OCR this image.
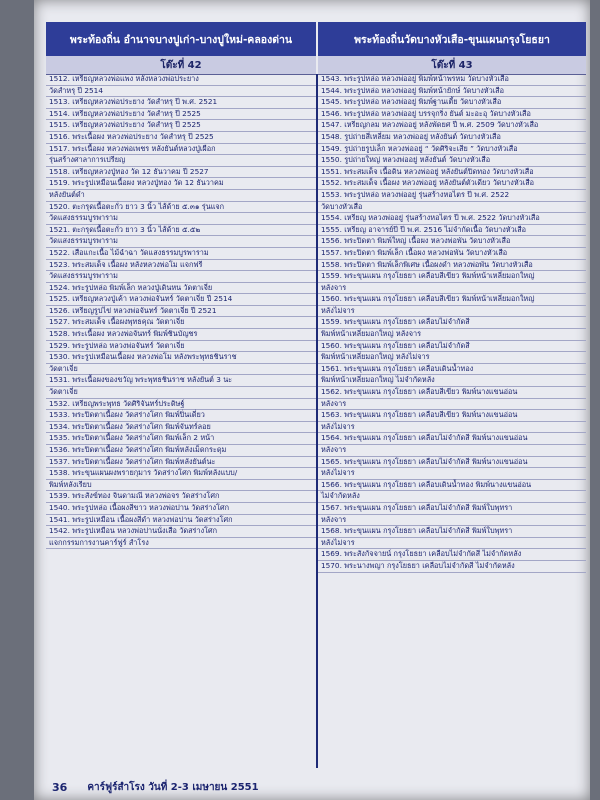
พระท้องถิ่น อำนาจบางปูเก่า-บางปูใหม่-คลองด่าน	พระท้องถิ่นวัดบางหัวเสือ-ขุนแผนกรุงโยธยา
โต๊ะที่ 42	โต๊ะที่ 43
1512. เหรียญหลวงพ่อแพง หลังหลวงพ่อประยาง
วัดสำหรุ ปี 2514
1513. เหรียญหลวงพ่อประยาง วัดสำหรุ ปี พ.ศ. 2521
1514. เหรียญหลวงพ่อประยาง วัดสำหรุ ปี 2525
1515. เหรียญหลวงพ่อประยาง วัดสำหรุ ปี 2525
1516. พระเนื้อผง หลวงพ่อประยาง วัดสำหรุ ปี 2525
1517. พระเนื้อผง หลวงพ่อเพชร หลังยันต์หลวงปู่เผือก
รุ่นสร้างศาลาการเปรียญ
1518. เหรียญหลวงปู่ทอง วัด 12 ธันวาคม ปี 2527
1519. พระรูปเหมือนเนื้อผง หลวงปู่ทอง วัด 12 ธันวาคม
หลังยันต์ดำ
1520. ตะกรุดเนื้อตะกั่ว ยาว 3 นิ้ว ไส้ด้าย ๕.๓๑ รุ่นแจก
วัดแสงธรรมบูรพาราม
1521. ตะกรุดเนื้อตะกั่ว ยาว 3 นิ้ว ไส้ด้าย ๕.๕๒
วัดแสงธรรมบูรพาราม
1522. เสือแกะเนื้อ ไม้ฉำฉา วัดแสงธรรมบูรพาราม
1523. พระสมเด็จ เนื้อผง หลังหลวงพ่อโม แจกฟรี
วัดแสงธรรมบูรพาราม
1524. พระรูปหล่อ พิมพ์เล็ก หลวงปู่เดินหน วัดตาเจี่ย
1525. เหรียญหลวงปู่เค้า หลวงพ่อจันทร์ วัดตาเจี่ย ปี 2514
1526. เหรียญรูปไข่ หลวงพ่อจันทร์ วัดตาเจี่ย ปี 2521
1527. พระสมเด็จ เนื้อผงพุทธคุณ วัดตาเจี่ย
1528. พระเนื้อผง หลวงพ่อจันทร์ พิมพ์ชินบัญชร
1529. พระรูปหล่อ หลวงพ่อจันทร์ วัดตาเจี่ย
1530. พระรูปเหมือนเนื้อผง หลวงพ่อโม หลังพระพุทธชินราช
วัดตาเจี่ย
1531. พระเนื้อผงของขวัญ พระพุทธชินราช หลังยันต์ 3 นะ
วัดตาเจี่ย
1532. เหรียญพระพุทธ วัดศิริจันทร์ประดิษฐ์
1533. พระปิดตาเนื้อผง วัดสร่างโศก พิมพ์ปิ่นเดี่ยว
1534. พระปิดตาเนื้อผง วัดสร่างโศก พิมพ์จันทร์ลอย
1535. พระปิดตาเนื้อผง วัดสร่างโศก พิมพ์เล็ก 2 หน้า
1536. พระปิดตาเนื้อผง วัดสร่างโศก พิมพ์หลังเม็ดกระดุม
1537. พระปิดตาเนื้อผง วัดสร่างโศก พิมพ์หลังยันต์นะ
1538. พระขุนแผนผงพรายกุมาร วัดสร่างโศก พิมพ์หลังแบบ/
พิมพ์หลังเรียบ
1539. พระสังข์ทอง จินดามณี หลวงพ่อจร วัดสร่างโศก
1540. พระรูปหล่อ เนื้อผงสีขาว หลวงพ่อปาน วัดสร่างโศก
1541. พระรูปเหมือน เนื้อผงสีดำ หลวงพ่อปาน วัดสร่างโศก
1542. พระรูปเหมือน หลวงพ่อปานนั่งเสือ วัดสร่างโศก
แจกกรรมการงานคาร์ฟูร์ สำโรง
1543. พระรูปหล่อ หลวงพ่ออยู่ พิมพ์หน้าพรหม วัดบางหัวเสือ
1544. พระรูปหล่อ หลวงพ่ออยู่ พิมพ์หน้ายักษ์ วัดบางหัวเสือ
1545. พระรูปหล่อ หลวงพ่ออยู่ พิมพ์ฐานเตี้ย วัดบางหัวเสือ
1546. พระรูปหล่อ หลวงพ่ออยู่ บรรจุกริ่ง ยันต์ มะอะอุ วัดบางหัวเสือ
1547. เหรียญกลม หลวงพ่ออยู่ หลังพัดยศ ปี พ.ศ. 2509 วัดบางหัวเสือ
1548. รูปถ่ายสี่เหลี่ยม หลวงพ่ออยู่ หลังยันต์ วัดบางหัวเสือ
1549. รูปถ่ายรูปเล็ก หลวงพ่ออยู่ “ วัดศิริจะเสีย ” วัดบางหัวเสือ
1550. รูปถ่ายใหญ่ หลวงพ่ออยู่ หลังยันต์ วัดบางหัวเสือ
1551. พระสมเด็จ เนื้อดิน หลวงพ่ออยู่ หลังยันต์ปิดทอง วัดบางหัวเสือ
1552. พระสมเด็จ เนื้อผง หลวงพ่ออยู่ หลังยันต์ตัวเดียว วัดบางหัวเสือ
1553. พระรูปหล่อ หลวงพ่ออยู่ รุ่นสร้างหอไตร ปี พ.ศ. 2522
วัดบางหัวเสือ
1554. เหรียญ หลวงพ่ออยู่ รุ่นสร้างหอไตร ปี พ.ศ. 2522 วัดบางหัวเสือ
1555. เหรียญ อาจารย์ปี ปี พ.ศ. 2516 ไม่จำกัดเนื้อ วัดบางหัวเสือ
1556. พระปิดตา พิมพ์ใหญ่ เนื้อผง หลวงพ่อพัน วัดบางหัวเสือ
1557. พระปิดตา พิมพ์เล็ก เนื้อผง หลวงพ่อพัน วัดบางหัวเสือ
1558. พระปิดตา พิมพ์เล็กพิเศษ เนื้อผงดำ หลวงพ่อพัน วัดบางหัวเสือ
1559. พระขุนแผน กรุงโยธยา เคลือบสีเขียว พิมพ์หน้าเหลี่ยมอกใหญ่
หลังจาร
1560. พระขุนแผน กรุงโยธยา เคลือบสีเขียว พิมพ์หน้าเหลี่ยมอกใหญ่
หลังไม่จาร
1559. พระขุนแผน กรุงโยธยา เคลือบไม่จำกัดสี
พิมพ์หน้าเหลี่ยมอกใหญ่ หลังจาร
1560. พระขุนแผน กรุงโยธยา เคลือบไม่จำกัดสี
พิมพ์หน้าเหลี่ยมอกใหญ่ หลังไม่จาร
1561. พระขุนแผน กรุงโยธยา เคลือบเดินน้ำทอง
พิมพ์หน้าเหลี่ยมอกใหญ่ ไม่จำกัดหลัง
1562. พระขุนแผน กรุงโยธยา เคลือบสีเขียว พิมพ์นางแขนอ่อน
หลังจาร
1563. พระขุนแผน กรุงโยธยา เคลือบสีเขียว พิมพ์นางแขนอ่อน
หลังไม่จาร
1564. พระขุนแผน กรุงโยธยา เคลือบไม่จำกัดสี พิมพ์นางแขนอ่อน
หลังจาร
1565. พระขุนแผน กรุงโยธยา เคลือบไม่จำกัดสี พิมพ์นางแขนอ่อน
หลังไม่จาร
1566. พระขุนแผน กรุงโยธยา เคลือบเดินน้ำทอง พิมพ์นางแขนอ่อน
ไม่จำกัดหลัง
1567. พระขุนแผน กรุงโยธยา เคลือบไม่จำกัดสี พิมพ์ใบพุทรา
หลังจาร
1568. พระขุนแผน กรุงโยธยา เคลือบไม่จำกัดสี พิมพ์ใบพุทรา
หลังไม่จาร
1569. พระสังกัจจายน์ กรุงโยธยา เคลือบไม่จำกัดสี ไม่จำกัดหลัง
1570. พระนางพญา กรุงโยธยา เคลือบไม่จำกัดสี ไม่จำกัดหลัง
36 คาร์ฟูร์สำโรง วันที่ 2-3 เมษายน 2551
